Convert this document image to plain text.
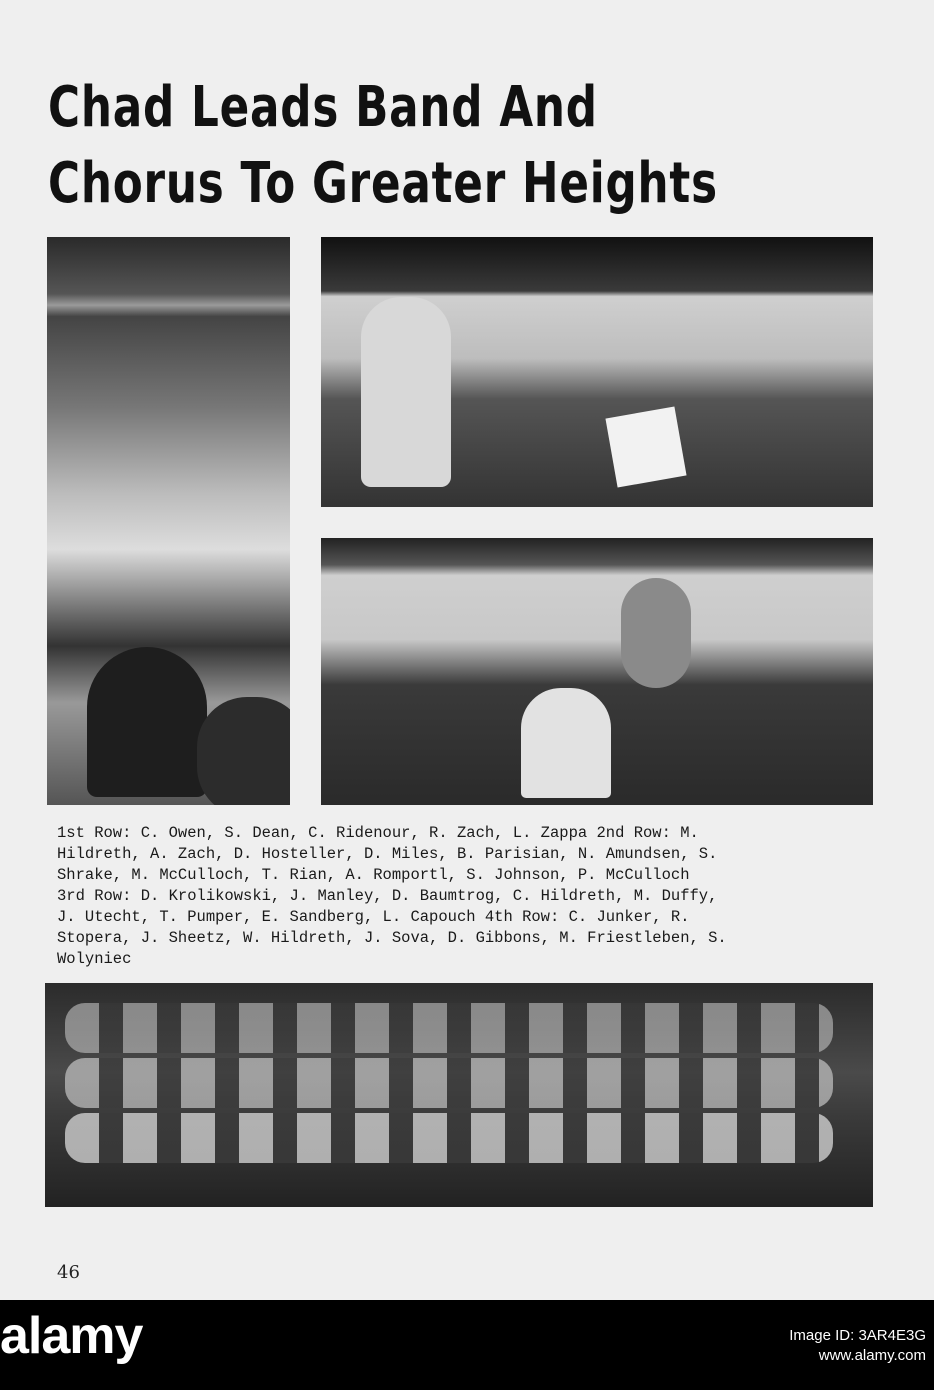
Chad Leads Band And
Chorus To Greater Heights

1st Row: C. Owen, S. Dean, C. Ridenour, R. Zach, L. Zappa 2nd Row: M.
Hildreth, A. Zach, D. Hosteller, D. Miles, B. Parisian, N. Amundsen, S.
Shrake, M. McCulloch, T. Rian, A. Romportl, S. Johnson, P. McCulloch
3rd Row: D. Krolikowski, J. Manley, D. Baumtrog, C. Hildreth, M. Duffy,
J. Utecht, T. Pumper, E. Sandberg, L. Capouch 4th Row: C. Junker, R.
Stopera, J. Sheetz, W. Hildreth, J. Sova, D. Gibbons, M. Friestleben, S.
Wolyniec

46
alamy	Image ID: 3AR4E3G
www.alamy.com
